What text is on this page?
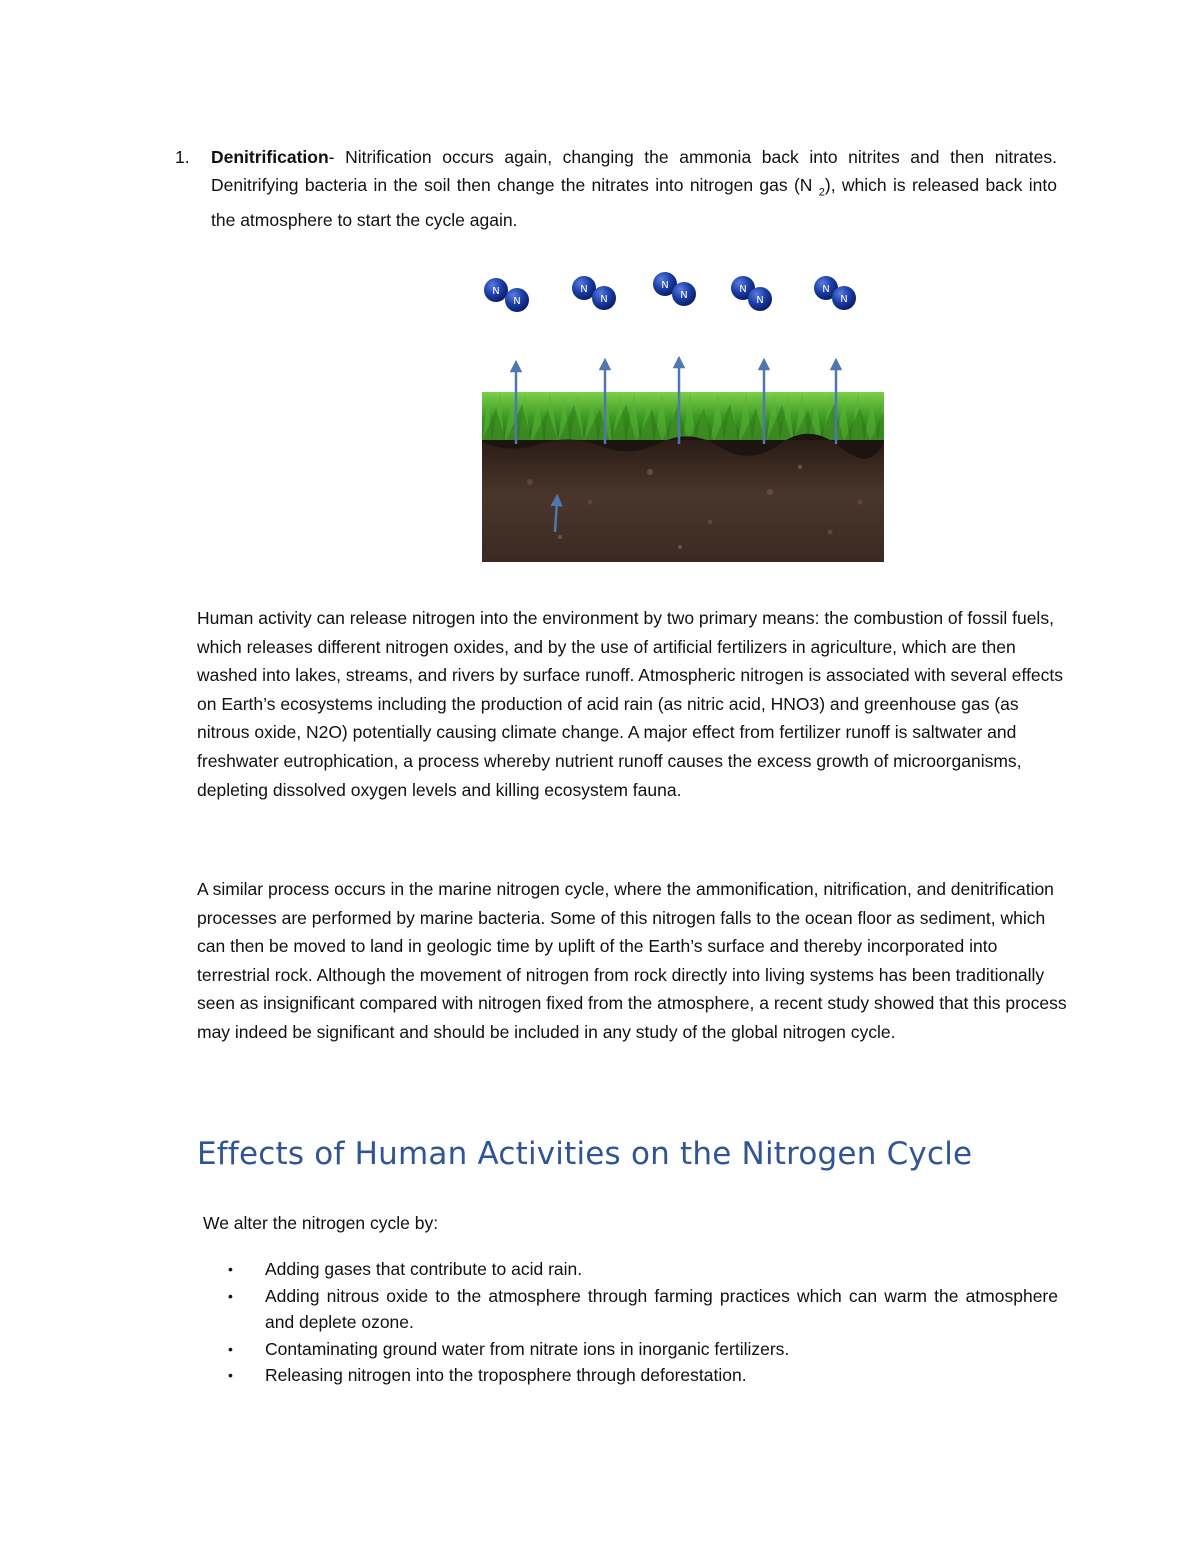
1. Denitrification- Nitrification occurs again, changing the ammonia back into nitrites and then nitrates. Denitrifying bacteria in the soil then change the nitrates into nitrogen gas (N $_2$), which is released back into the atmosphere to start the cycle again.
N
N
N
N
N
N
N
N
N
N

Human activity can release nitrogen into the environment by two primary means: the combustion of fossil fuels, which releases different nitrogen oxides, and by the use of artificial fertilizers in agriculture, which are then washed into lakes, streams, and rivers by surface runoff. Atmospheric nitrogen is associated with several effects on Earth’s ecosystems including the production of acid rain (as nitric acid, HNO3) and greenhouse gas (as nitrous oxide, N2O) potentially causing climate change. A major effect from fertilizer runoff is saltwater and freshwater eutrophication, a process whereby nutrient runoff causes the excess growth of microorganisms, depleting dissolved oxygen levels and killing ecosystem fauna.

A similar process occurs in the marine nitrogen cycle, where the ammonification, nitrification, and denitrification processes are performed by marine bacteria. Some of this nitrogen falls to the ocean floor as sediment, which can then be moved to land in geologic time by uplift of the Earth’s surface and thereby incorporated into terrestrial rock. Although the movement of nitrogen from rock directly into living systems has been traditionally seen as insignificant compared with nitrogen fixed from the atmosphere, a recent study showed that this process may indeed be significant and should be included in any study of the global nitrogen cycle.

Effects of Human Activities on the Nitrogen Cycle
We alter the nitrogen cycle by:
• Adding gases that contribute to acid rain.
• Adding nitrous oxide to the atmosphere through farming practices which can warm the atmosphere and deplete ozone.
• Contaminating ground water from nitrate ions in inorganic fertilizers.
• Releasing nitrogen into the troposphere through deforestation.
